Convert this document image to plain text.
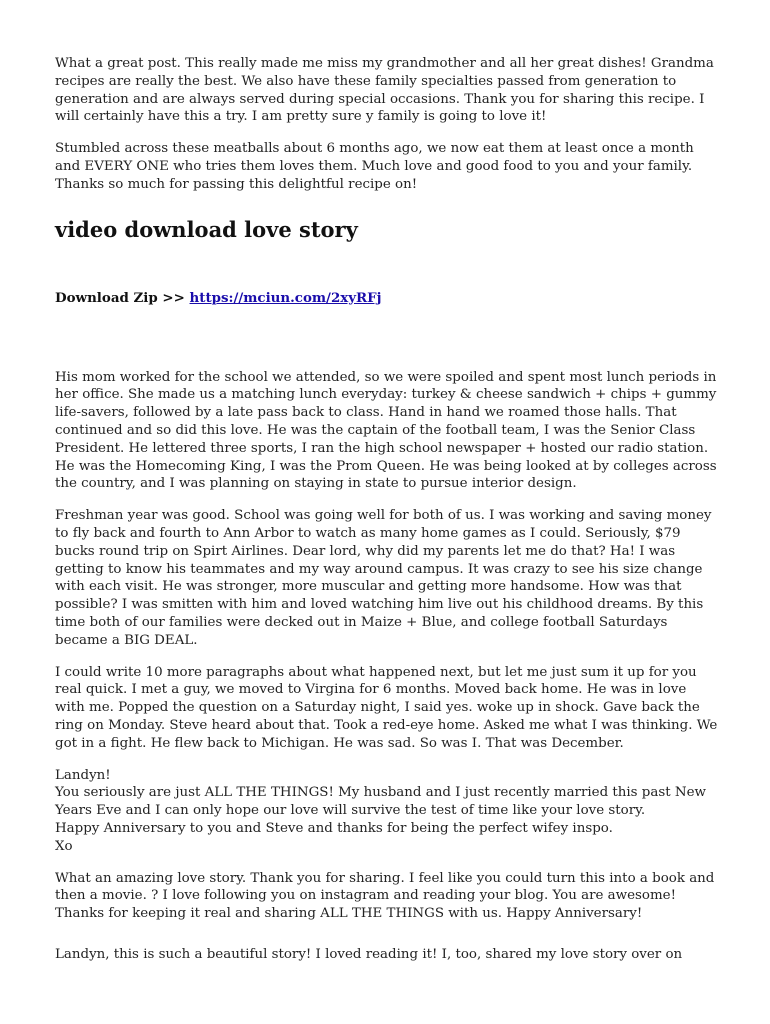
What a great post. This really made me miss my grandmother and all her great dishes! Grandma recipes are really the best. We also have these family specialties passed from generation to generation and are always served during special occasions. Thank you for sharing this recipe. I will certainly have this a try. I am pretty sure y family is going to love it!

Stumbled across these meatballs about 6 months ago, we now eat them at least once a month and EVERY ONE who tries them loves them. Much love and good food to you and your family. Thanks so much for passing this delightful recipe on!

video download love story
Download Zip >> https://mciun.com/2xyRFj

His mom worked for the school we attended, so we were spoiled and spent most lunch periods in her office. She made us a matching lunch everyday: turkey & cheese sandwich + chips + gummy life-savers, followed by a late pass back to class. Hand in hand we roamed those halls. That continued and so did this love. He was the captain of the football team, I was the Senior Class President. He lettered three sports, I ran the high school newspaper + hosted our radio station. He was the Homecoming King, I was the Prom Queen. He was being looked at by colleges across the country, and I was planning on staying in state to pursue interior design.

Freshman year was good. School was going well for both of us. I was working and saving money to fly back and fourth to Ann Arbor to watch as many home games as I could. Seriously, $79 bucks round trip on Spirt Airlines. Dear lord, why did my parents let me do that? Ha! I was getting to know his teammates and my way around campus. It was crazy to see his size change with each visit. He was stronger, more muscular and getting more handsome. How was that possible? I was smitten with him and loved watching him live out his childhood dreams. By this time both of our families were decked out in Maize + Blue, and college football Saturdays became a BIG DEAL.

I could write 10 more paragraphs about what happened next, but let me just sum it up for you real quick. I met a guy, we moved to Virgina for 6 months. Moved back home. He was in love with me. Popped the question on a Saturday night, I said yes. woke up in shock. Gave back the ring on Monday. Steve heard about that. Took a red-eye home. Asked me what I was thinking. We got in a fight. He flew back to Michigan. He was sad. So was I. That was December.

Landyn!

You seriously are just ALL THE THINGS! My husband and I just recently married this past New Years Eve and I can only hope our love will survive the test of time like your love story.

Happy Anniversary to you and Steve and thanks for being the perfect wifey inspo.

Xo

What an amazing love story. Thank you for sharing. I feel like you could turn this into a book and then a movie. ? I love following you on instagram and reading your blog. You are awesome! Thanks for keeping it real and sharing ALL THE THINGS with us. Happy Anniversary!

Landyn, this is such a beautiful story! I loved reading it! I, too, shared my love story over on
